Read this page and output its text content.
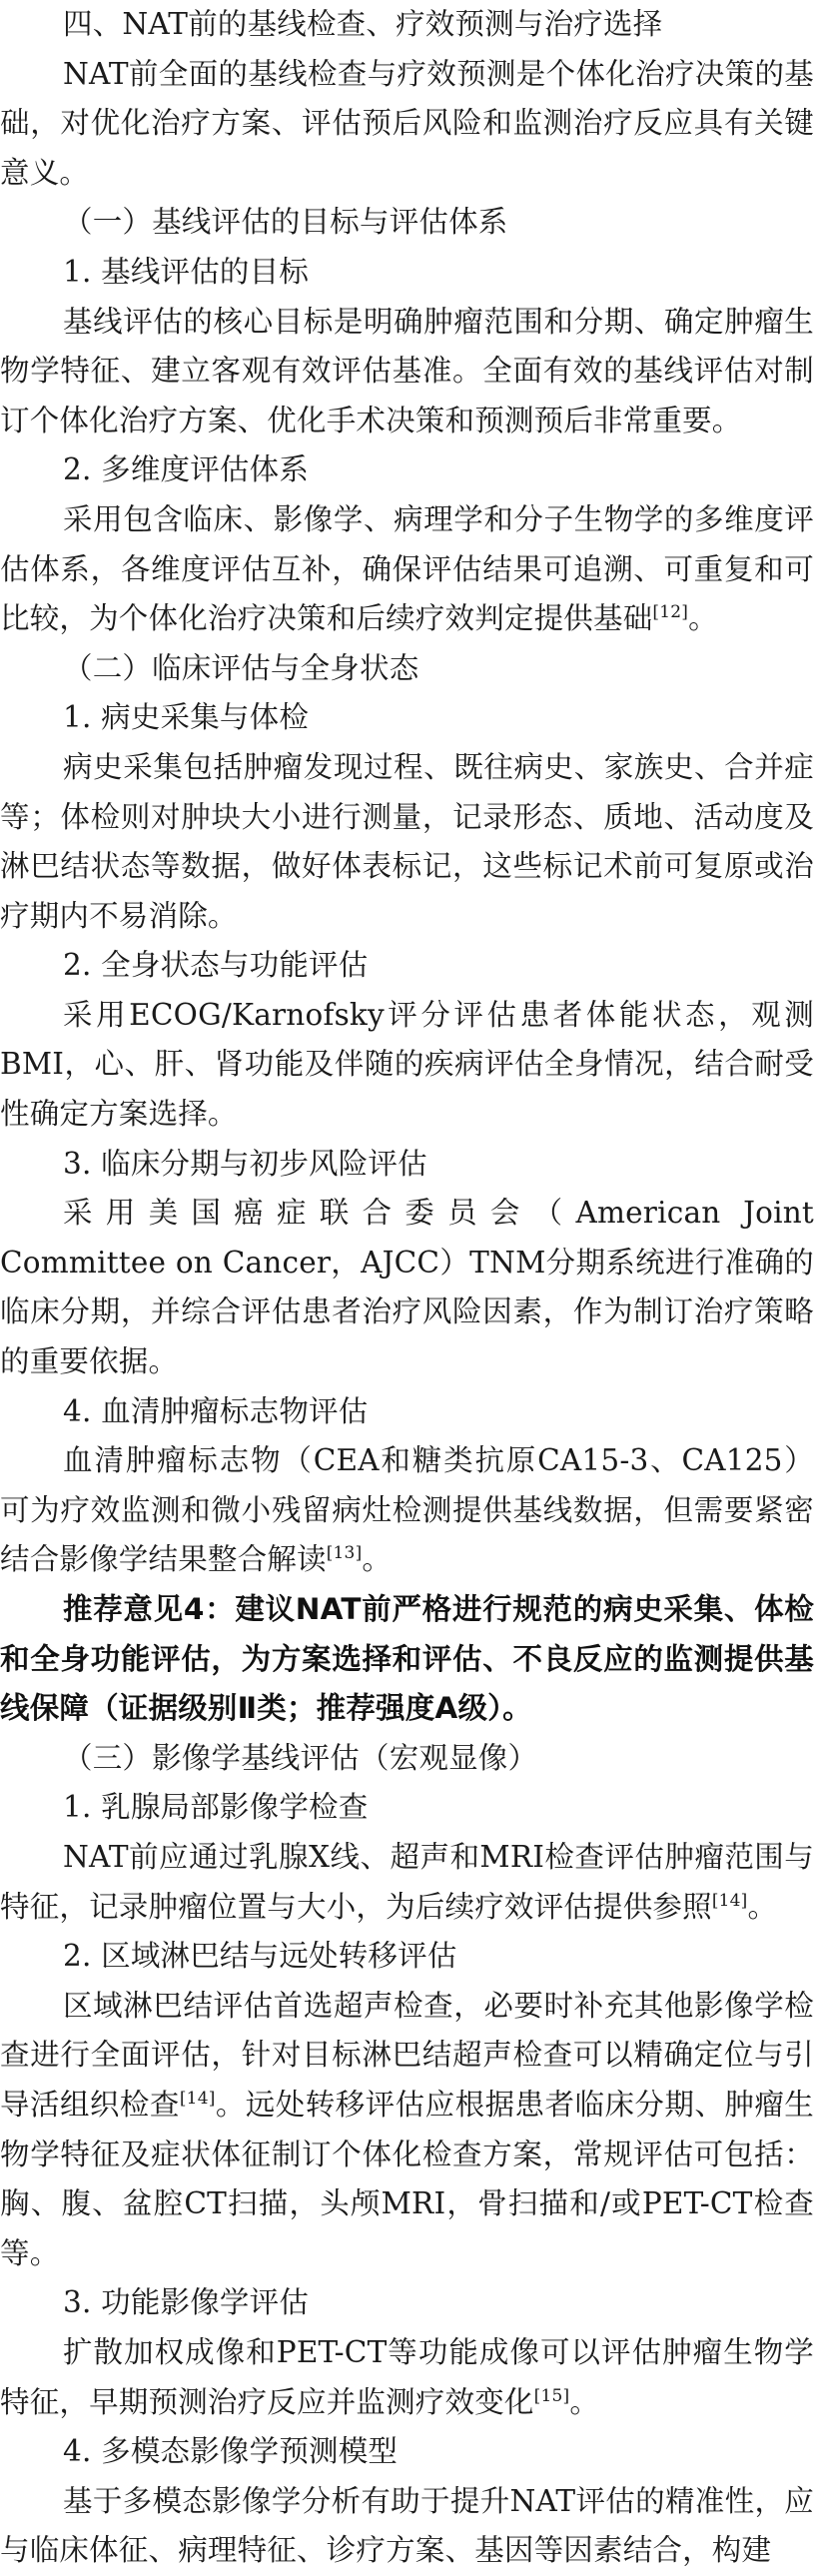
四、NAT前的基线检查、疗效预测与治疗选择

NAT前全面的基线检查与疗效预测是个体化治疗决策的基础，对优化治疗方案、评估预后风险和监测治疗反应具有关键意义。

（一）基线评估的目标与评估体系

1. 基线评估的目标

基线评估的核心目标是明确肿瘤范围和分期、确定肿瘤生物学特征、建立客观有效评估基准。全面有效的基线评估对制订个体化治疗方案、优化手术决策和预测预后非常重要。

2. 多维度评估体系

采用包含临床、影像学、病理学和分子生物学的多维度评估体系，各维度评估互补，确保评估结果可追溯、可重复和可比较，为个体化治疗决策和后续疗效判定提供基础[12]。

（二）临床评估与全身状态

1. 病史采集与体检

病史采集包括肿瘤发现过程、既往病史、家族史、合并症等；体检则对肿块大小进行测量，记录形态、质地、活动度及淋巴结状态等数据，做好体表标记，这些标记术前可复原或治疗期内不易消除。

2. 全身状态与功能评估

采用ECOG/Karnofsky评分评估患者体能状态，观测BMI，心、肝、肾功能及伴随的疾病评估全身情况，结合耐受性确定方案选择。

3. 临床分期与初步风险评估

采用美国癌症联合委员会（American Joint Committee on Cancer，AJCC）TNM分期系统进行准确的临床分期，并综合评估患者治疗风险因素，作为制订治疗策略的重要依据。

4. 血清肿瘤标志物评估

血清肿瘤标志物（CEA和糖类抗原CA15-3、CA125）可为疗效监测和微小残留病灶检测提供基线数据，但需要紧密结合影像学结果整合解读[13]。

推荐意见4：建议NAT前严格进行规范的病史采集、体检和全身功能评估，为方案选择和评估、不良反应的监测提供基线保障（证据级别Ⅱ类；推荐强度A级）。

（三）影像学基线评估（宏观显像）

1. 乳腺局部影像学检查

NAT前应通过乳腺X线、超声和MRI检查评估肿瘤范围与特征，记录肿瘤位置与大小，为后续疗效评估提供参照[14]。

2. 区域淋巴结与远处转移评估

区域淋巴结评估首选超声检查，必要时补充其他影像学检查进行全面评估，针对目标淋巴结超声检查可以精确定位与引导活组织检查[14]。远处转移评估应根据患者临床分期、肿瘤生物学特征及症状体征制订个体化检查方案，常规评估可包括：胸、腹、盆腔CT扫描，头颅MRI，骨扫描和/或PET-CT检查等。

3. 功能影像学评估

扩散加权成像和PET-CT等功能成像可以评估肿瘤生物学特征，早期预测治疗反应并监测疗效变化[15]。

4. 多模态影像学预测模型

基于多模态影像学分析有助于提升NAT评估的精准性，应与临床体征、病理特征、诊疗方案、基因等因素结合，构建
